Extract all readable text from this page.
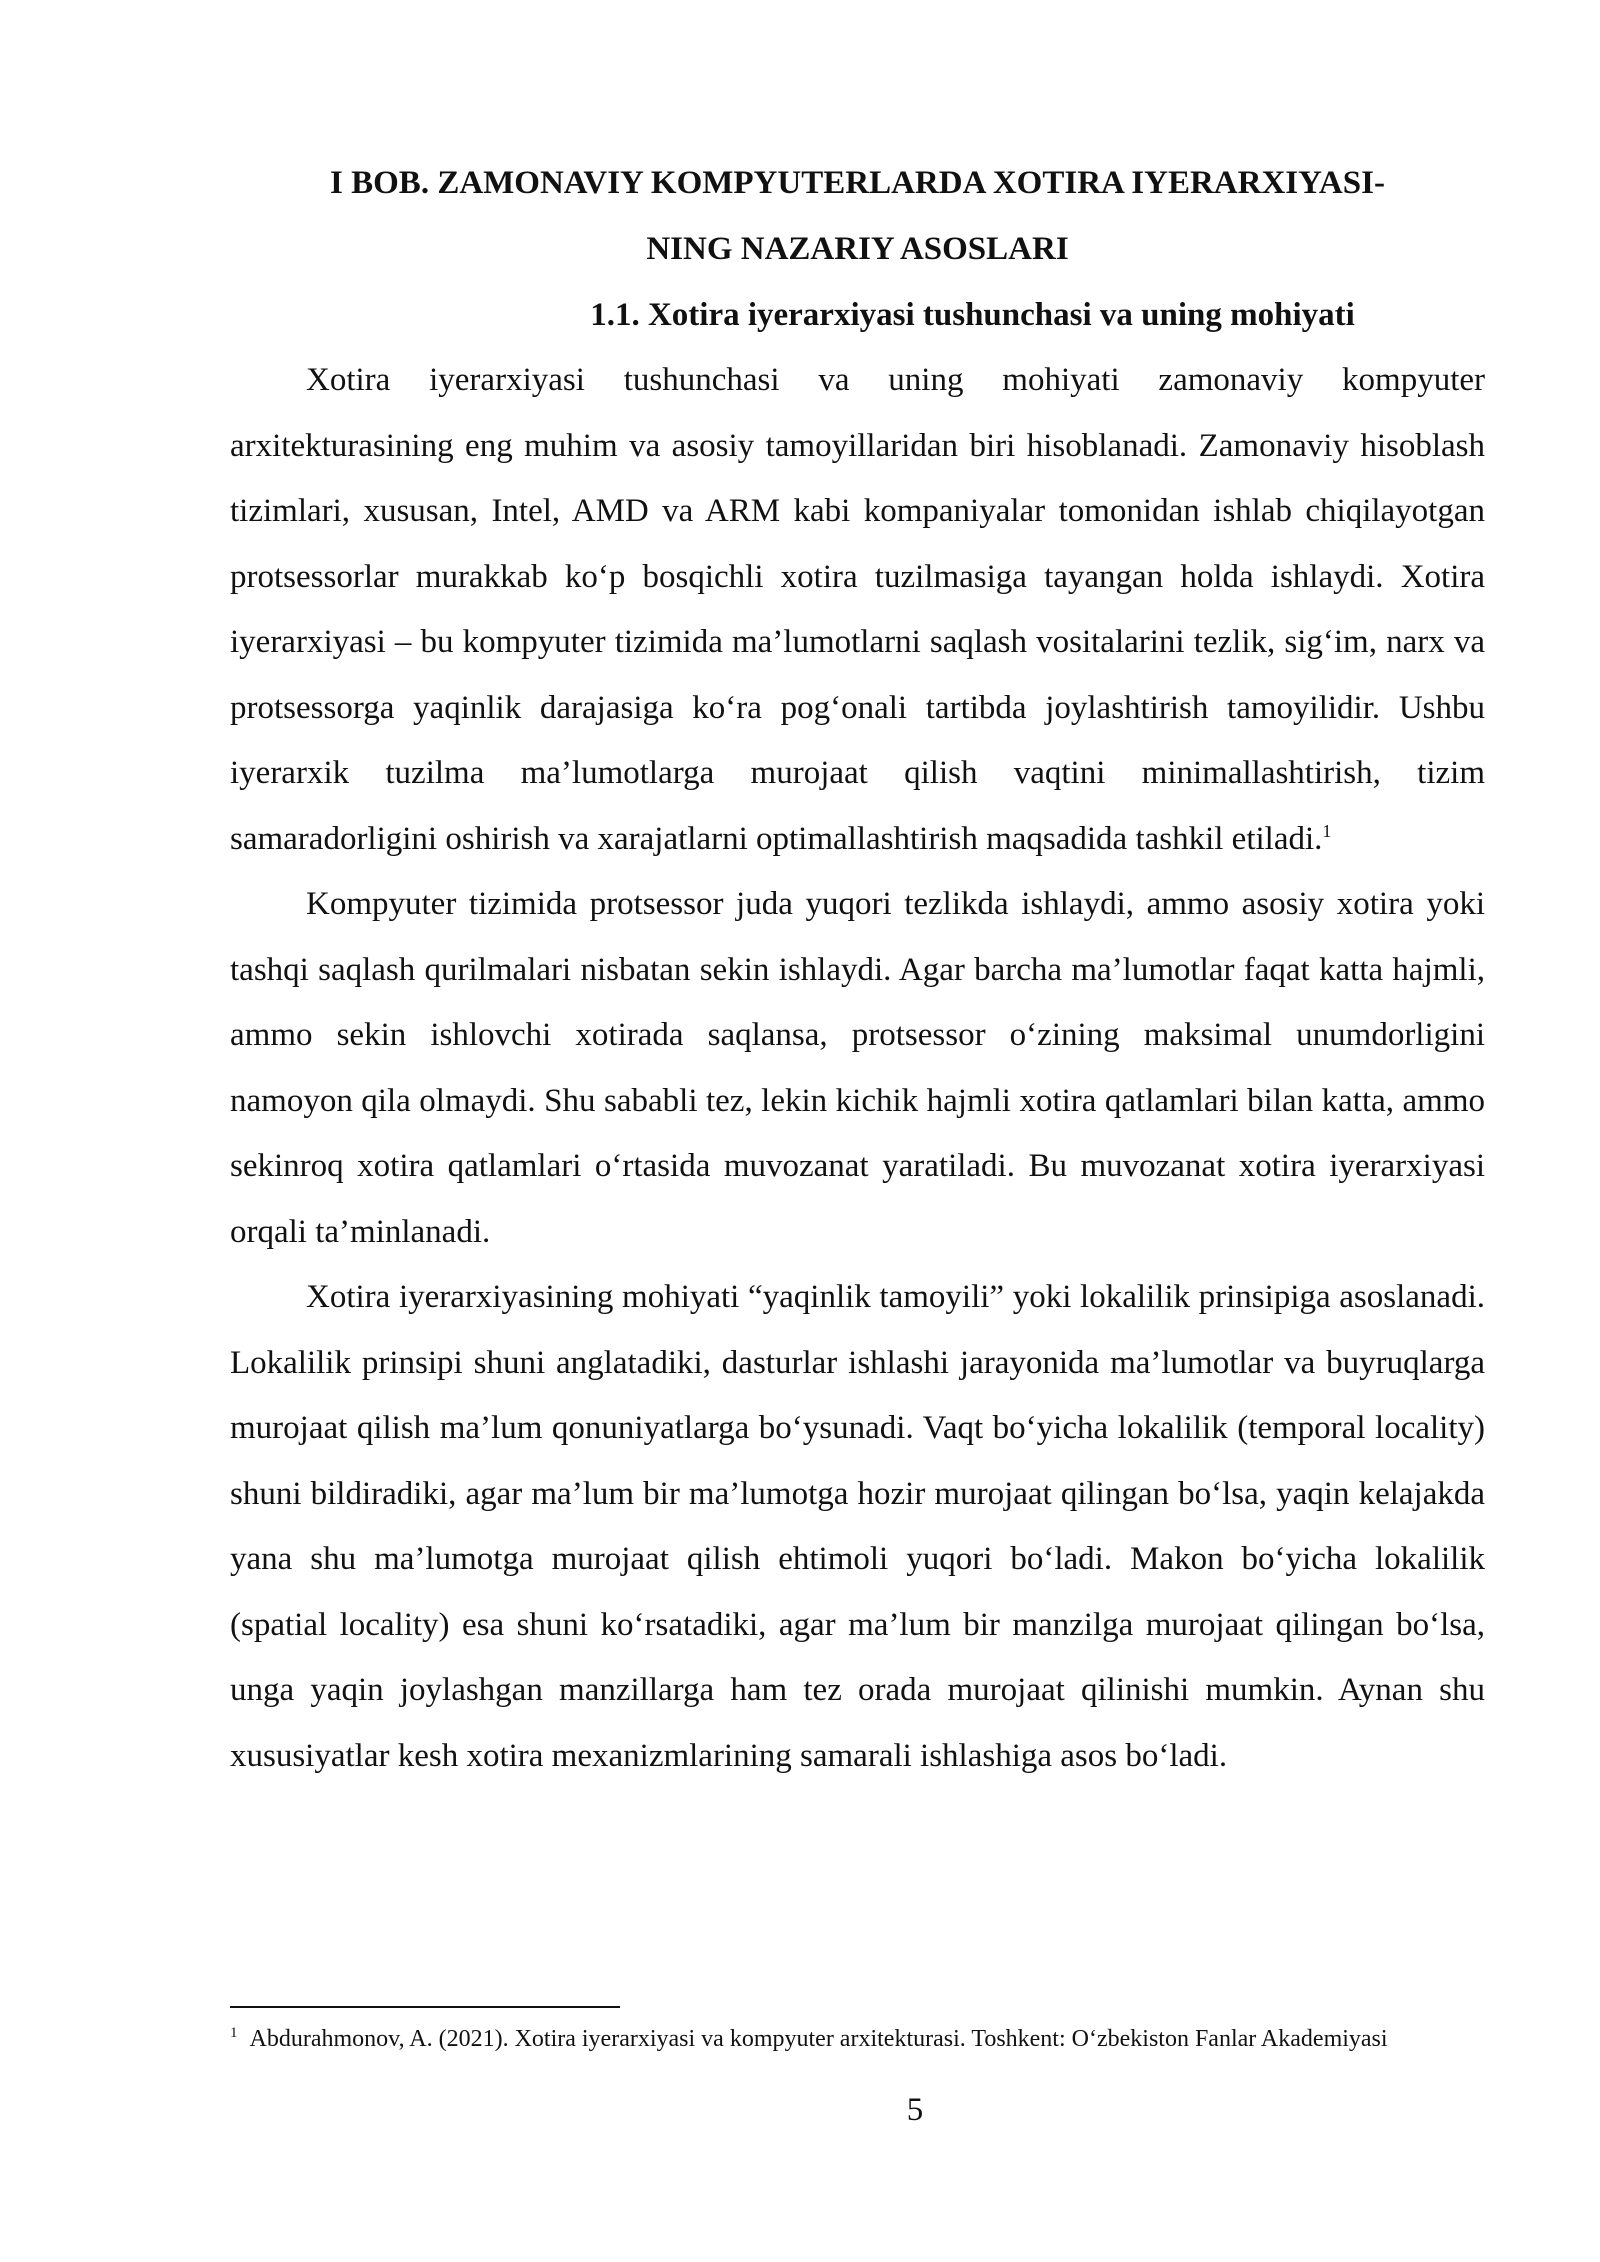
I BOB. ZAMONAVIY KOMPYUTERLARDA XOTIRA IYERARXIYASI-
NING NAZARIY ASOSLARI
1.1. Xotira iyerarxiyasi tushunchasi va uning mohiyati

Xotira iyerarxiyasi tushunchasi va uning mohiyati zamonaviy kompyuter arxitekturasining eng muhim va asosiy tamoyillaridan biri hisoblanadi. Zamonaviy hisoblash tizimlari, xususan, Intel, AMD va ARM kabi kompaniyalar tomonidan ishlab chiqilayotgan protsessorlar murakkab ko‘p bosqichli xotira tuzilmasiga tayangan holda ishlaydi. Xotira iyerarxiyasi – bu kompyuter tizimida ma’lumotlarni saqlash vositalarini tezlik, sig‘im, narx va protsessorga yaqinlik darajasiga ko‘ra pog‘onali tartibda joylashtirish tamoyilidir. Ushbu iyerarxik tuzilma ma’lumotlarga murojaat qilish vaqtini minimallashtirish, tizim samaradorligini oshirish va xarajatlarni optimallashtirish maqsadida tashkil etiladi.$^1$

Kompyuter tizimida protsessor juda yuqori tezlikda ishlaydi, ammo asosiy xotira yoki tashqi saqlash qurilmalari nisbatan sekin ishlaydi. Agar barcha ma’lumotlar faqat katta hajmli, ammo sekin ishlovchi xotirada saqlansa, protsessor o‘zining maksimal unumdorligini namoyon qila olmaydi. Shu sababli tez, lekin kichik hajmli xotira qatlamlari bilan katta, ammo sekinroq xotira qatlamlari o‘rtasida muvozanat yaratiladi. Bu muvozanat xotira iyerarxiyasi orqali ta’minlanadi.

Xotira iyerarxiyasining mohiyati “yaqinlik tamoyili” yoki lokalilik prinsipiga asoslanadi. Lokalilik prinsipi shuni anglatadiki, dasturlar ishlashi jarayonida ma’lumotlar va buyruqlarga murojaat qilish ma’lum qonuniyatlarga bo‘ysunadi. Vaqt bo‘yicha lokalilik (temporal locality) shuni bildiradiki, agar ma’lum bir ma’lumotga hozir murojaat qilingan bo‘lsa, yaqin kelajakda yana shu ma’lumotga murojaat qilish ehtimoli yuqori bo‘ladi. Makon bo‘yicha lokalilik (spatial locality) esa shuni ko‘rsatadiki, agar ma’lum bir manzilga murojaat qilingan bo‘lsa, unga yaqin joylashgan manzillarga ham tez orada murojaat qilinishi mumkin. Aynan shu xususiyatlar kesh xotira mexanizmlarining samarali ishlashiga asos bo‘ladi.

$^1$ Abdurahmonov, A. (2021). Xotira iyerarxiyasi va kompyuter arxitekturasi. Toshkent: O‘zbekiston Fanlar Akademiyasi

5
